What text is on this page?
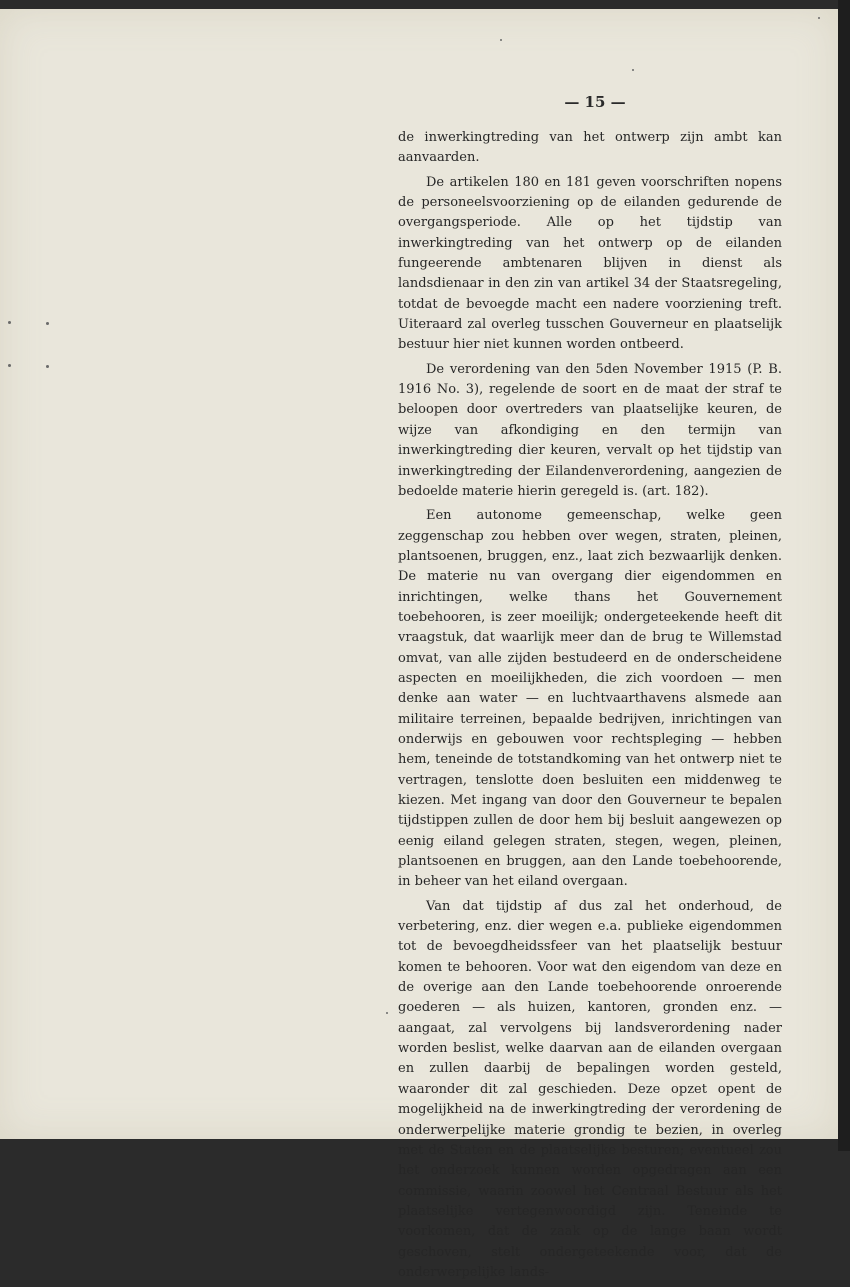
— 15 —

de inwerkingtreding van het ontwerp zijn ambt kan aanvaarden.

De artikelen 180 en 181 geven voorschriften nopens de personeelsvoorziening op de eilanden gedurende de overgangsperiode. Alle op het tijdstip van inwerkingtreding van het ontwerp op de eilanden fungeerende ambtenaren blijven in dienst als landsdienaar in den zin van artikel 34 der Staatsregeling, totdat de bevoegde macht een nadere voorziening treft. Uiteraard zal overleg tusschen Gouverneur en plaatselijk bestuur hier niet kunnen worden ontbeerd.

De verordening van den 5den November 1915 (P. B. 1916 No. 3), regelende de soort en de maat der straf te beloopen door overtreders van plaatselijke keuren, de wijze van afkondiging en den termijn van inwerkingtreding dier keuren, vervalt op het tijdstip van inwerkingtreding der Eilandenverordening, aangezien de bedoelde materie hierin geregeld is. (art. 182).

Een autonome gemeenschap, welke geen zeggenschap zou hebben over wegen, straten, pleinen, plantsoenen, bruggen, enz., laat zich bezwaarlijk denken. De materie nu van overgang dier eigendommen en inrichtingen, welke thans het Gouvernement toebehooren, is zeer moeilijk; ondergeteekende heeft dit vraagstuk, dat waarlijk meer dan de brug te Willemstad omvat, van alle zijden bestudeerd en de onderscheidene aspecten en moeilijkheden, die zich voordoen — men denke aan water — en luchtvaarthavens alsmede aan militaire terreinen, bepaalde bedrijven, inrichtingen van onderwijs en gebouwen voor rechtspleging — hebben hem, teneinde de totstandkoming van het ontwerp niet te vertragen, tenslotte doen besluiten een middenweg te kiezen. Met ingang van door den Gouverneur te bepalen tijdstippen zullen de door hem bij besluit aangewezen op eenig eiland gelegen straten, stegen, wegen, pleinen, plantsoenen en bruggen, aan den Lande toebehoorende, in beheer van het eiland overgaan.

Van dat tijdstip af dus zal het onderhoud, de verbetering, enz. dier wegen e.a. publieke eigendommen tot de bevoegdheidssfeer van het plaatselijk bestuur komen te behooren. Voor wat den eigendom van deze en de overige aan den Lande toebehoorende onroerende goederen — als huizen, kantoren, gronden enz. — aangaat, zal vervolgens bij landsverordening nader worden beslist, welke daarvan aan de eilanden overgaan en zullen daarbij de bepalingen worden gesteld, waaronder dit zal geschieden. Deze opzet opent de mogelijkheid na de inwerkingtreding der verordening de onderwerpelijke materie grondig te bezien, in overleg met de Staten en de plaatselijke besturen; eventueel zou het onderzoek kunnen worden opgedragen aan een commissie, waarin zoowel het Centraal Bestuur als het plaatselijke vertegenwoordigd zijn. Teneinde te voorkomen, dat de zaak op de lange baan wordt geschoven, stelt ondergeteekende voor, dat de onderwerpelijke lands-
